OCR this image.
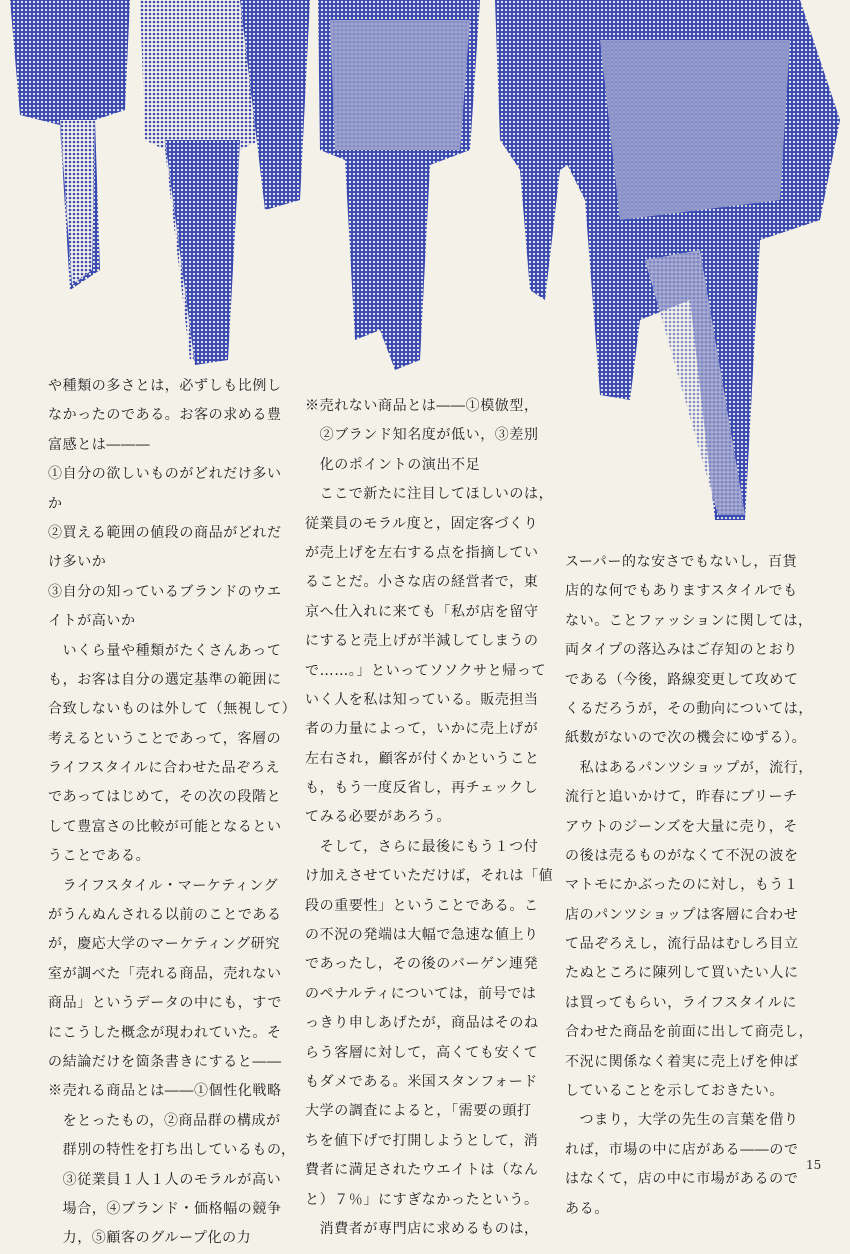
や種類の多さとは，必ずしも比例し
なかったのである。お客の求める豊
富感とは―――
①自分の欲しいものがどれだけ多い
か
②買える範囲の値段の商品がどれだ
け多いか
③自分の知っているブランドのウエ
イトが高いか
　いくら量や種類がたくさんあって
も，お客は自分の選定基準の範囲に
合致しないものは外して（無視して）
考えるということであって，客層の
ライフスタイルに合わせた品ぞろえ
であってはじめて，その次の段階と
して豊富さの比較が可能となるとい
うことである。
　ライフスタイル・マーケティング
がうんぬんされる以前のことである
が，慶応大学のマーケティング研究
室が調べた「売れる商品，売れない
商品」というデータの中にも，すで
にこうした概念が現われていた。そ
の結論だけを箇条書きにすると――
※売れる商品とは――①個性化戦略
　をとったもの，②商品群の構成が
　群別の特性を打ち出しているもの，
　③従業員１人１人のモラルが高い
　場合，④ブランド・価格幅の競争
　力，⑤顧客のグループ化の力
※売れない商品とは――①模倣型，
　②ブランド知名度が低い，③差別
　化のポイントの演出不足
　ここで新たに注目してほしいのは，
従業員のモラル度と，固定客づくり
が売上げを左右する点を指摘してい
ることだ。小さな店の経営者で，東
京へ仕入れに来ても「私が店を留守
にすると売上げが半減してしまうの
で……。」といってソソクサと帰って
いく人を私は知っている。販売担当
者の力量によって，いかに売上げが
左右され，顧客が付くかということ
も，もう一度反省し，再チェックし
てみる必要があろう。
　そして，さらに最後にもう１つ付
け加えさせていただけば，それは「値
段の重要性」ということである。こ
の不況の発端は大幅で急速な値上り
であったし，その後のバーゲン連発
のペナルティについては，前号では
っきり申しあげたが，商品はそのね
らう客層に対して，高くても安くて
もダメである。米国スタンフォード
大学の調査によると，「需要の頭打
ちを値下げで打開しようとして，消
費者に満足されたウエイトは（なん
と）７％」にすぎなかったという。
　消費者が専門店に求めるものは，
スーパー的な安さでもないし，百貨
店的な何でもありますスタイルでも
ない。ことファッションに関しては，
両タイプの落込みはご存知のとおり
である（今後，路線変更して攻めて
くるだろうが，その動向については，
紙数がないので次の機会にゆずる）。
　私はあるパンツショップが，流行，
流行と追いかけて，昨春にブリーチ
アウトのジーンズを大量に売り，そ
の後は売るものがなくて不況の波を
マトモにかぶったのに対し，もう１
店のパンツショップは客層に合わせ
て品ぞろえし，流行品はむしろ目立
たぬところに陳列して買いたい人に
は買ってもらい，ライフスタイルに
合わせた商品を前面に出して商売し，
不況に関係なく着実に売上げを伸ば
していることを示しておきたい。
　つまり，大学の先生の言葉を借り
れば，市場の中に店がある――ので
はなくて，店の中に市場があるので
ある。
15
